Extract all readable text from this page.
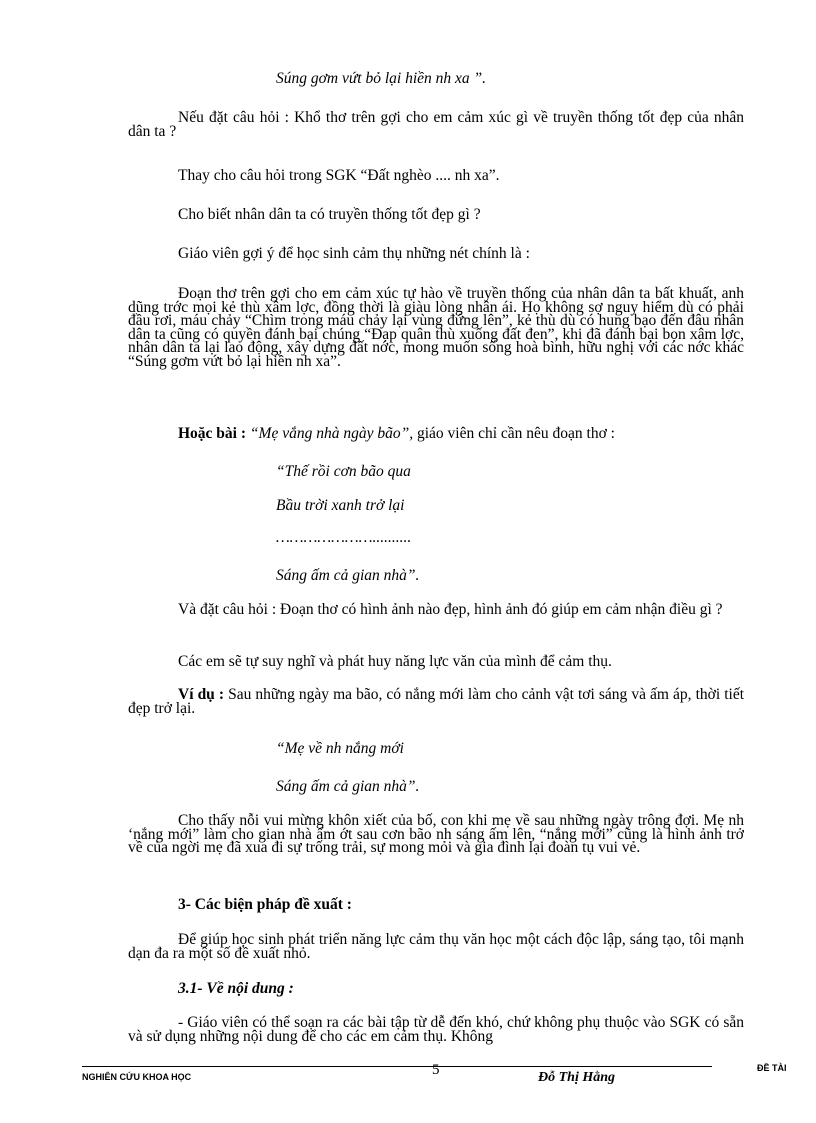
Súng gơm vứt bỏ lại hiền nh xa ”.
Nếu đặt câu hỏi : Khổ thơ trên gợi cho em cảm xúc gì về truyền thống tốt đẹp của nhân dân ta ?
Thay cho câu hỏi trong SGK “Đất nghèo .... nh xa”.
Cho biết nhân dân ta có truyền thống tốt đẹp gì ?
Giáo viên gợi ý để học sinh cảm thụ những nét chính là :
Đoạn thơ trên gợi cho em cảm xúc tự hào về truyền thống của nhân dân ta bất khuất, anh dũng trớc mọi kẻ thù xâm lợc, đồng thời là giàu lòng nhân ái. Họ không sợ nguy hiểm dù có phải đầu rơi, máu chảy “Chìm trong máu chảy lại vùng đứng lên”, kẻ thù dù có hung bạo đến đâu nhân dân ta cũng có quyền đánh bại chúng “Đạp quân thù xuống đất đen”, khi đã đánh bại bọn xâm lợc, nhân dân ta lại lao động, xây dựng đất nớc, mong muốn sống hoà bình, hữu nghị với các nớc khác “Súng gơm vứt bỏ lại hiền nh xa”.
Hoặc bài : “Mẹ vắng nhà ngày bão”, giáo viên chỉ cần nêu đoạn thơ :
“Thế rồi cơn bão qua
Bầu trời xanh trở lại
…………………..........
Sáng ấm cả gian nhà”.
Và đặt câu hỏi : Đoạn thơ có hình ảnh nào đẹp, hình ảnh đó giúp em cảm nhận điều gì ?
Các em sẽ tự suy nghĩ và phát huy năng lực văn của mình để cảm thụ.
Ví dụ : Sau những ngày ma bão, có nắng mới làm cho cảnh vật tơi sáng và ấm áp, thời tiết đẹp trở lại.
“Mẹ về nh nắng mới
Sáng ấm cả gian nhà”.
Cho thấy nỗi vui mừng khôn xiết của bố, con khi mẹ về sau những ngày trông đợi. Mẹ nh ‘nắng mới” làm cho gian nhà ấm ớt sau cơn bão nh sáng ấm lên, “nắng mới” cũng là hình ảnh trở về của ngời mẹ đã xua đi sự trống trải, sự mong mỏi và gia đình lại đoàn tụ vui vẻ.
3- Các biện pháp đề xuất :
Để giúp học sinh phát triển năng lực cảm thụ văn học một cách độc lập, sáng tạo, tôi mạnh dạn đa ra một số đề xuất nhỏ.
3.1- Về nội dung :
- Giáo viên có thể soạn ra các bài tập từ dễ đến khó, chứ không phụ thuộc vào SGK có sẵn và sử dụng những nội dung để cho các em cảm thụ. Không
NGHIÊN CỨU KHOA HỌC	5	Đỗ Thị Hằng
ĐỀ TÀI
